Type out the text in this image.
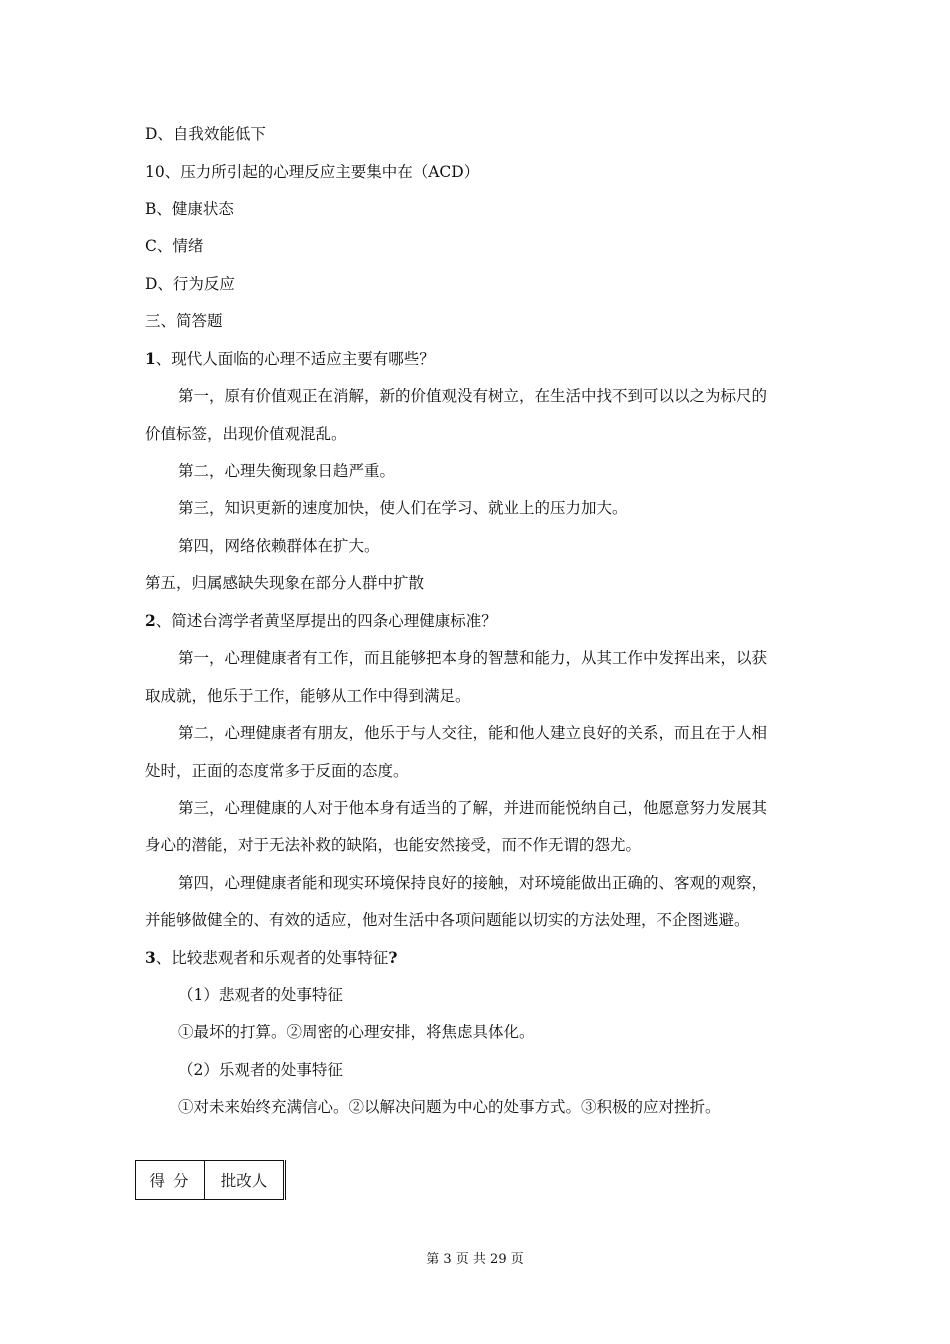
D、自我效能低下
10、压力所引起的心理反应主要集中在（ACD）
B、健康状态
C、情绪
D、行为反应
三、简答题
1、现代人面临的心理不适应主要有哪些？
第一，原有价值观正在消解，新的价值观没有树立，在生活中找不到可以以之为标尺的
价值标签，出现价值观混乱。
第二，心理失衡现象日趋严重。
第三，知识更新的速度加快，使人们在学习、就业上的压力加大。
第四，网络依赖群体在扩大。
第五，归属感缺失现象在部分人群中扩散
2、简述台湾学者黄坚厚提出的四条心理健康标准？
第一，心理健康者有工作，而且能够把本身的智慧和能力，从其工作中发挥出来，以获
取成就，他乐于工作，能够从工作中得到满足。
第二，心理健康者有朋友，他乐于与人交往，能和他人建立良好的关系，而且在于人相
处时，正面的态度常多于反面的态度。
第三，心理健康的人对于他本身有适当的了解，并进而能悦纳自己，他愿意努力发展其
身心的潜能，对于无法补救的缺陷，也能安然接受，而不作无谓的怨尤。
第四，心理健康者能和现实环境保持良好的接触，对环境能做出正确的、客观的观察，
并能够做健全的、有效的适应，他对生活中各项问题能以切实的方法处理，不企图逃避。
3、比较悲观者和乐观者的处事特征?
（1）悲观者的处事特征
①最坏的打算。②周密的心理安排，将焦虑具体化。
（2）乐观者的处事特征
①对未来始终充满信心。②以解决问题为中心的处事方式。③积极的应对挫折。
得分	批改人
第 3 页 共 29 页
